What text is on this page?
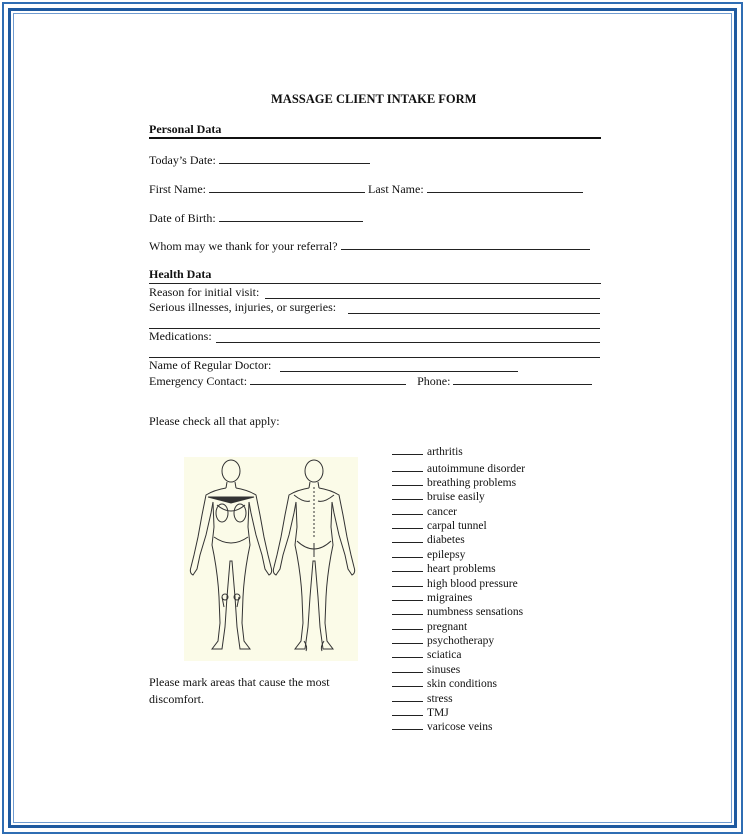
MASSAGE CLIENT INTAKE FORM
Personal Data
Today’s Date:
First Name:	Last Name:
Date of Birth:
Whom may we thank for your referral?
Health Data
Reason for initial visit:
Serious illnesses, injuries, or surgeries:
Medications:
Name of Regular Doctor:
Emergency Contact:	Phone:
Please check all that apply:
Please mark areas that cause the most
discomfort.
arthritis
autoimmune disorder
breathing problems
bruise easily
cancer
carpal tunnel
diabetes
epilepsy
heart problems
high blood pressure
migraines
numbness sensations
pregnant
psychotherapy
sciatica
sinuses
skin conditions
stress
TMJ
varicose veins
